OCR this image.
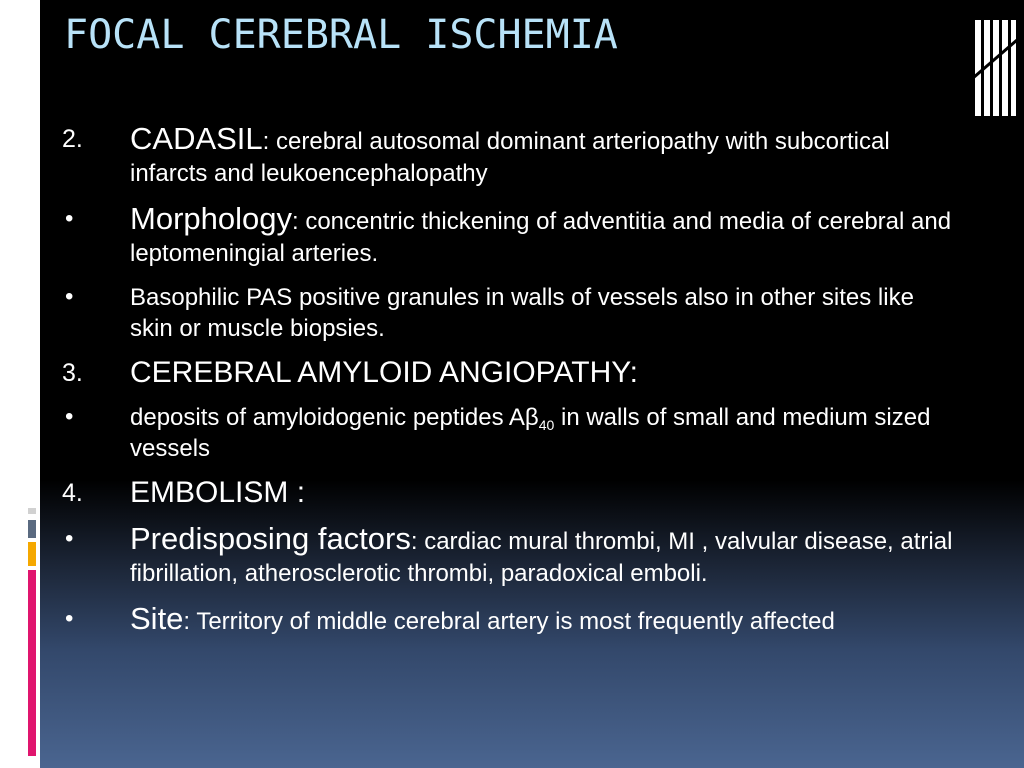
FOCAL CEREBRAL ISCHEMIA
2.	CADASIL: cerebral autosomal dominant arteriopathy with subcortical infarcts and leukoencephalopathy
•	Morphology: concentric thickening of adventitia and media of cerebral and leptomeningial arteries.
•	Basophilic PAS positive granules in walls of vessels also in other sites like skin or muscle biopsies.
3.	CEREBRAL AMYLOID ANGIOPATHY:
•	deposits of amyloidogenic peptides $A\beta_{40}$ in walls of small and medium sized vessels
4.	EMBOLISM :
•	Predisposing factors: cardiac mural thrombi, MI , valvular disease, atrial fibrillation, atherosclerotic thrombi, paradoxical emboli.
•	Site: Territory of middle cerebral artery is most frequently affected
